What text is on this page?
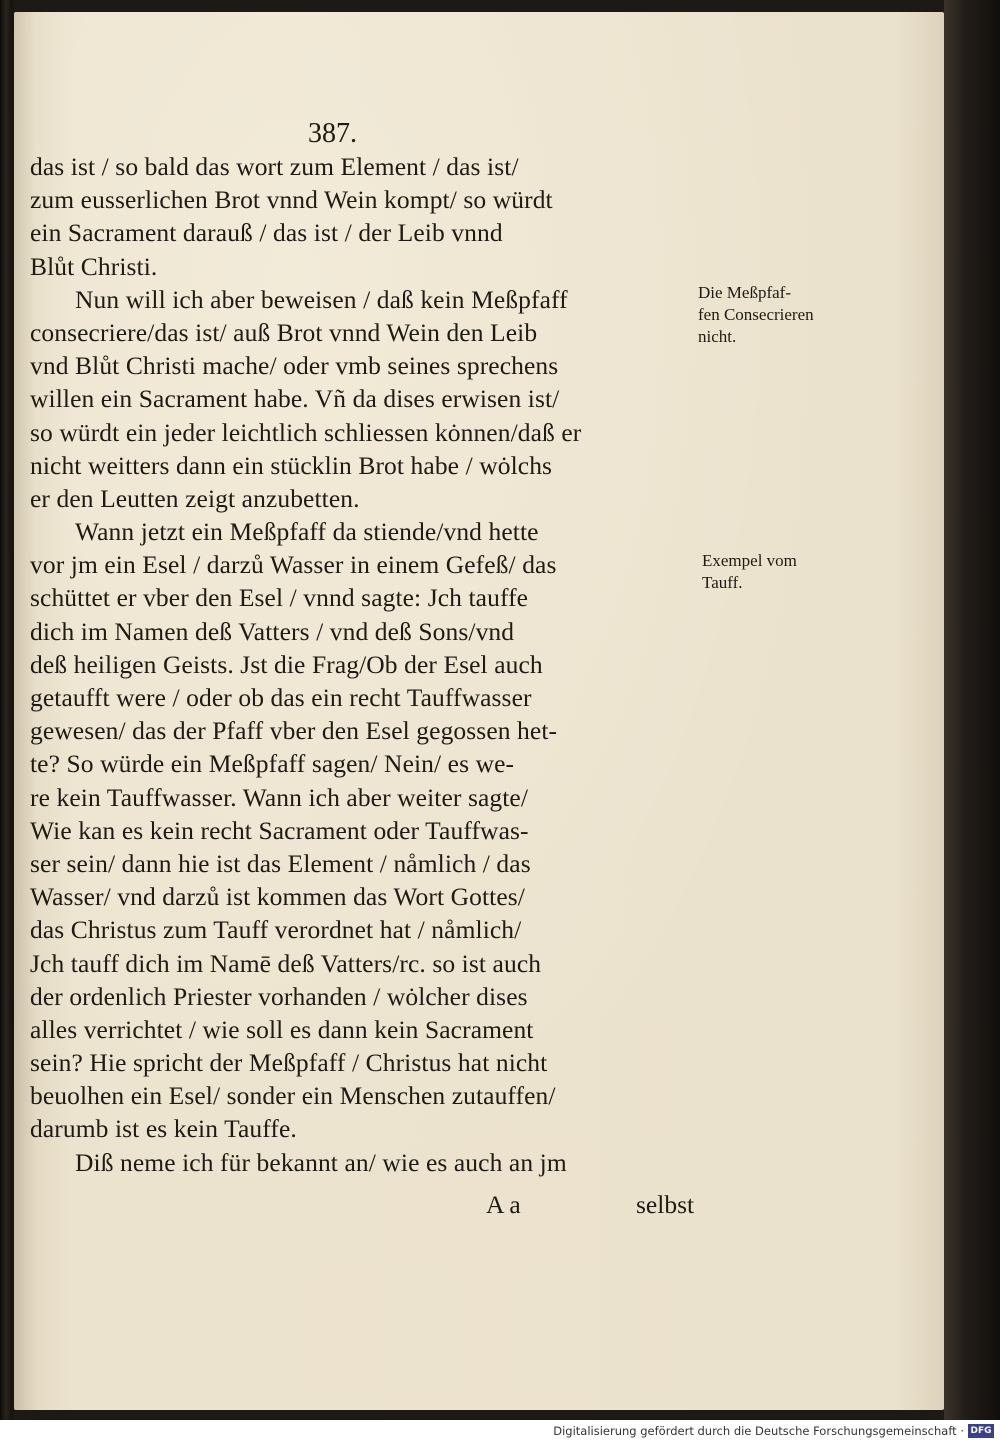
387.
das ist / so bald das wort zum Element / das ist/
zum eusserlichen Brot vnnd Wein kompt/ so würdt
ein Sacrament darauß / das ist / der Leib vnnd
Blůt Christi.
Nun will ich aber beweisen / daß kein Meßpfaff
consecriere/das ist/ auß Brot vnnd Wein den Leib
vnd Blůt Christi mache/ oder vmb seines sprechens
willen ein Sacrament habe. Vñ da dises erwisen ist/
so würdt ein jeder leichtlich schliessen kȯnnen/daß er
nicht weitters dann ein stücklin Brot habe / wȯlchs
er den Leutten zeigt anzubetten.
Wann jetzt ein Meßpfaff da stiende/vnd hette
vor jm ein Esel / darzů Wasser in einem Gefeß/ das
schüttet er vber den Esel / vnnd sagte: Jch tauffe
dich im Namen deß Vatters / vnd deß Sons/vnd
deß heiligen Geists. Jst die Frag/Ob der Esel auch
getaufft were / oder ob das ein recht Tauffwasser
gewesen/ das der Pfaff vber den Esel gegossen het-
te? So würde ein Meßpfaff sagen/ Nein/ es we-
re kein Tauffwasser. Wann ich aber weiter sagte/
Wie kan es kein recht Sacrament oder Tauffwas-
ser sein/ dann hie ist das Element / nåmlich / das
Wasser/ vnd darzů ist kommen das Wort Gottes/
das Christus zum Tauff verordnet hat / nåmlich/
Jch tauff dich im Namē deß Vatters/rc. so ist auch
der ordenlich Priester vorhanden / wȯlcher dises
alles verrichtet / wie soll es dann kein Sacrament
sein? Hie spricht der Meßpfaff / Christus hat nicht
beuolhen ein Esel/ sonder ein Menschen zutauffen/
darumb ist es kein Tauffe.
Diß neme ich für bekannt an/ wie es auch an jm
Die Meßpfaf-
fen Consecrieren
nicht.
Exempel vom
Tauff.
A a	selbst
Digitalisierung gefördert durch die Deutsche Forschungsgemeinschaft · DFG
